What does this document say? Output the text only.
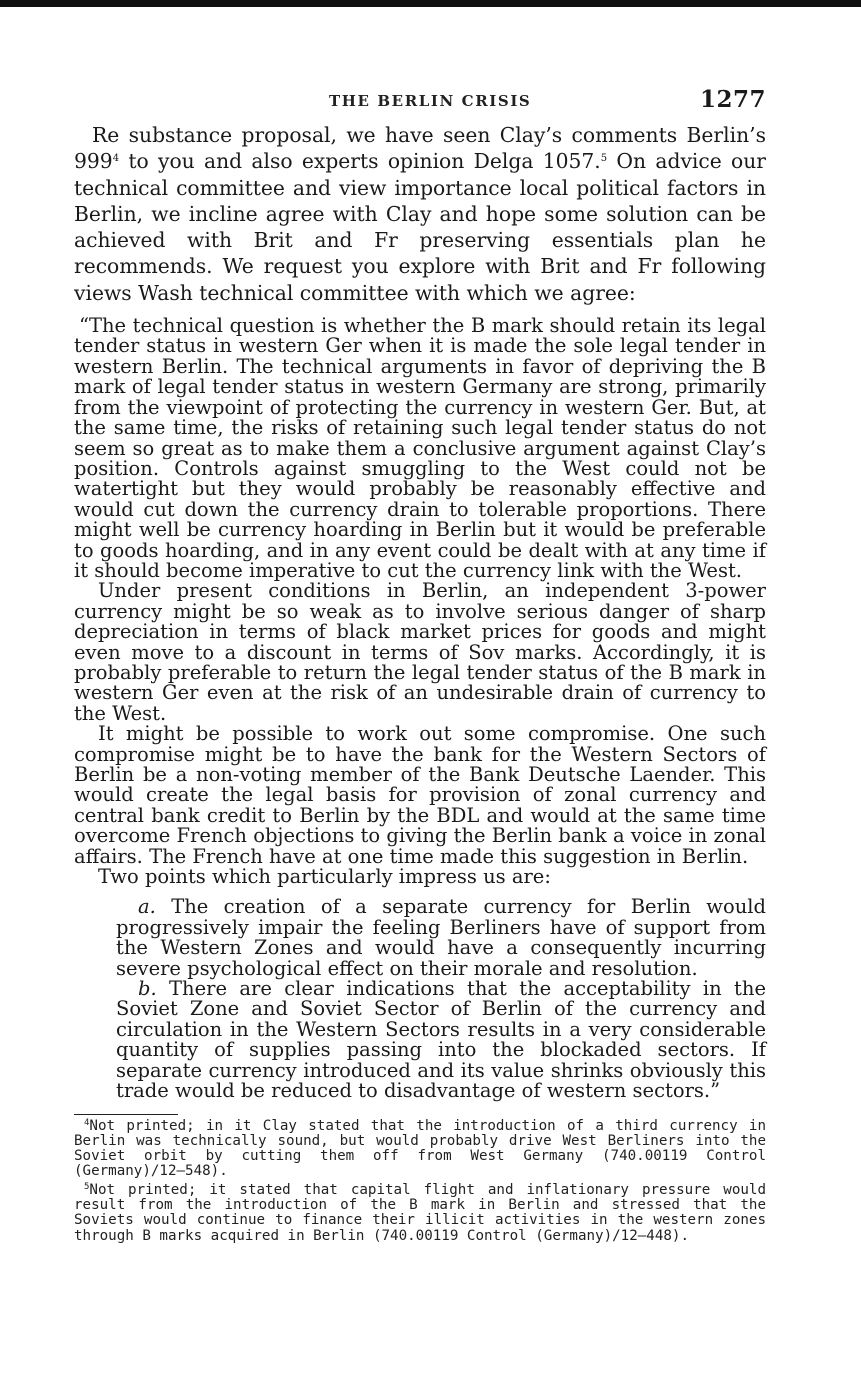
THE BERLIN CRISIS	1277

Re substance proposal, we have seen Clay’s comments Berlin’s $999^4$ to you and also experts opinion Delga 1057.$^5$ On advice our technical committee and view importance local political factors in Berlin, we incline agree with Clay and hope some solution can be achieved with Brit and Fr preserving essentials plan he recommends. We request you explore with Brit and Fr following views Wash technical committee with which we agree:

“The technical question is whether the B mark should retain its legal tender status in western Ger when it is made the sole legal tender in western Berlin. The technical arguments in favor of depriving the B mark of legal tender status in western Germany are strong, primarily from the viewpoint of protecting the currency in western Ger. But, at the same time, the risks of retaining such legal tender status do not seem so great as to make them a conclusive argument against Clay’s position. Controls against smuggling to the West could not be watertight but they would probably be reasonably effective and would cut down the currency drain to tolerable proportions. There might well be currency hoarding in Berlin but it would be preferable to goods hoarding, and in any event could be dealt with at any time if it should become imperative to cut the currency link with the West.

Under present conditions in Berlin, an independent 3-power currency might be so weak as to involve serious danger of sharp depreciation in terms of black market prices for goods and might even move to a discount in terms of Sov marks. Accordingly, it is probably preferable to return the legal tender status of the B mark in western Ger even at the risk of an undesirable drain of currency to the West.

It might be possible to work out some compromise. One such compromise might be to have the bank for the Western Sectors of Berlin be a non-voting member of the Bank Deutsche Laender. This would create the legal basis for provision of zonal currency and central bank credit to Berlin by the BDL and would at the same time overcome French objections to giving the Berlin bank a voice in zonal affairs. The French have at one time made this suggestion in Berlin.

Two points which particularly impress us are:

a. The creation of a separate currency for Berlin would progressively impair the feeling Berliners have of support from the Western Zones and would have a consequently incurring severe psychological effect on their morale and resolution.

b. There are clear indications that the acceptability in the Soviet Zone and Soviet Sector of Berlin of the currency and circulation in the Western Sectors results in a very considerable quantity of supplies passing into the blockaded sectors. If separate currency introduced and its value shrinks obviously this trade would be reduced to disadvantage of western sectors.”

$^4$Not printed; in it Clay stated that the introduction of a third currency in Berlin was technically sound, but would probably drive West Berliners into the Soviet orbit by cutting them off from West Germany (740.00119 Control (Germany)/12–548).

$^5$Not printed; it stated that capital flight and inflationary pressure would result from the introduction of the B mark in Berlin and stressed that the Soviets would continue to finance their illicit activities in the western zones through B marks acquired in Berlin (740.00119 Control (Germany)/12–448).
